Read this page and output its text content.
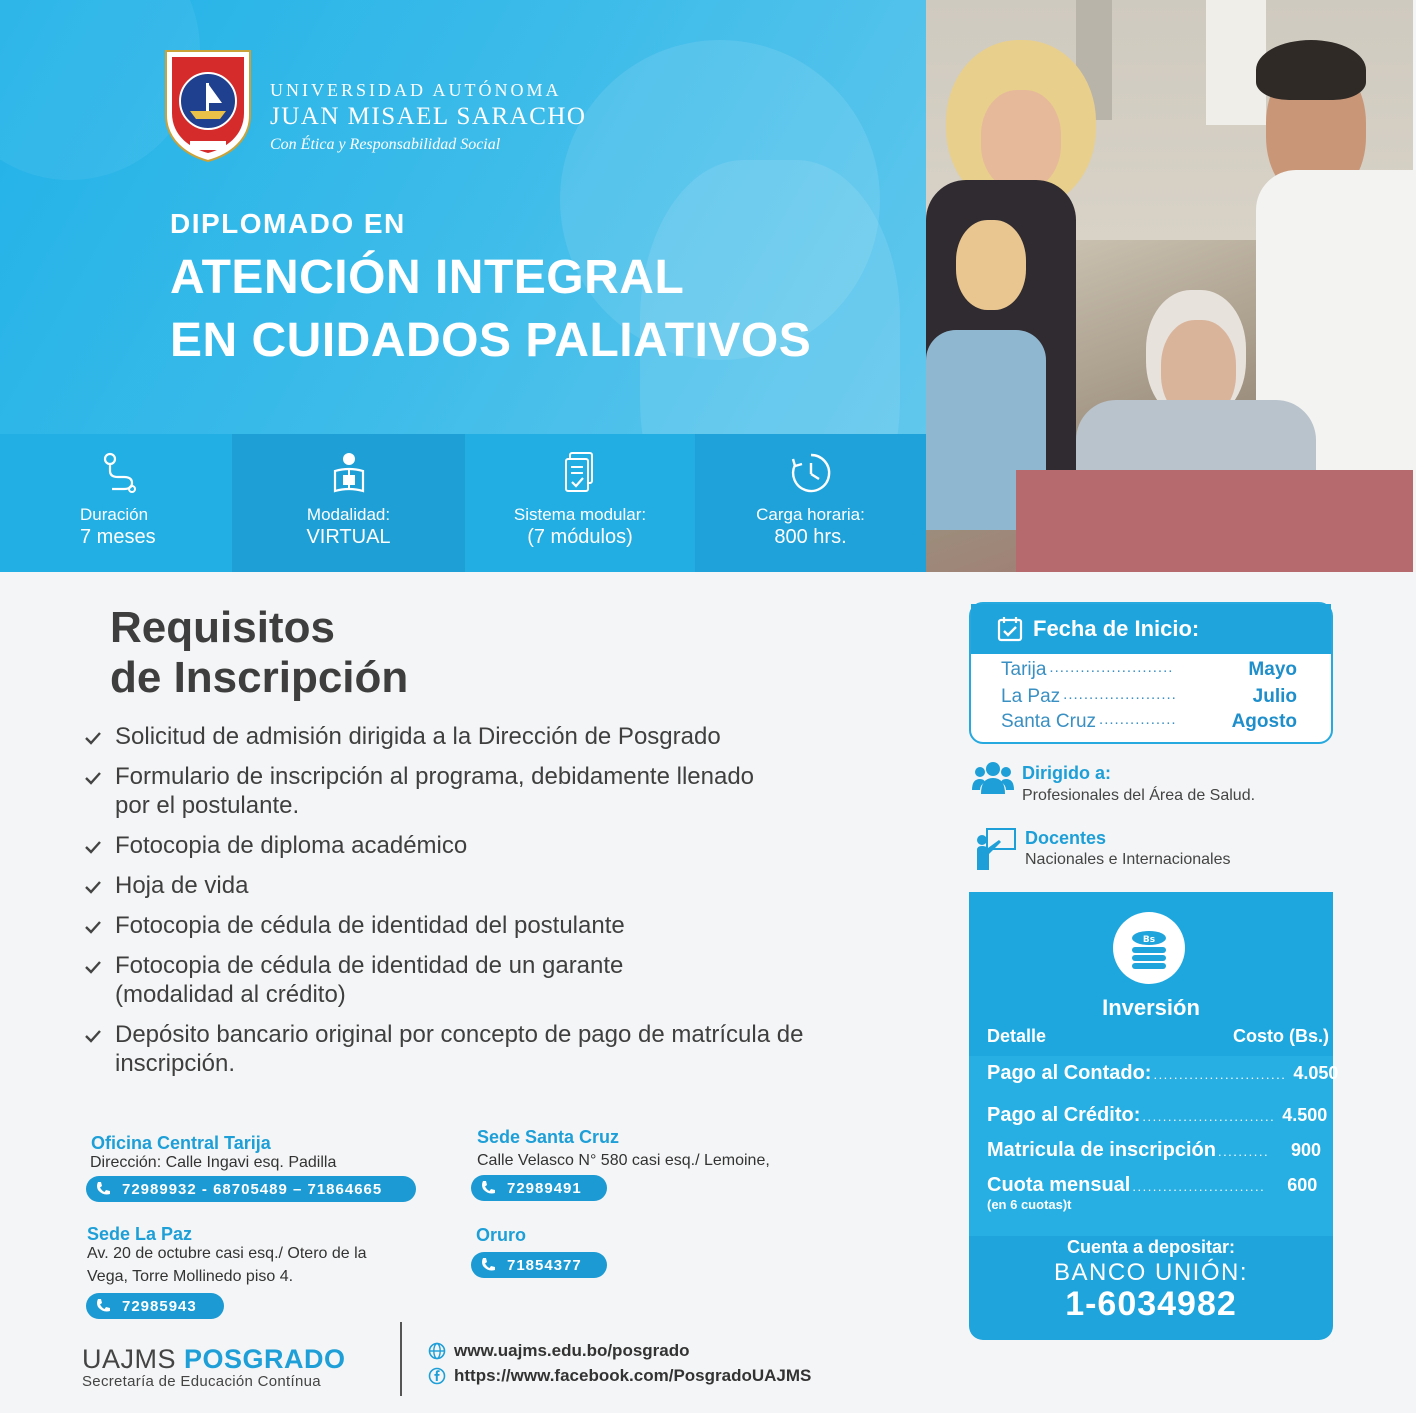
UNIVERSIDAD AUTÓNOMA
JUAN MISAEL SARACHO
Con Ética y Responsabilidad Social
DIPLOMADO EN
ATENCIÓN INTEGRAL
EN CUIDADOS PALIATIVOS
Duración
7 meses
Modalidad:
VIRTUAL
Sistema modular:
(7 módulos)
Carga horaria:
800 hrs.
Requisitos
de Inscripción
Solicitud de admisión dirigida a la Dirección de Posgrado
Formulario de inscripción al programa, debidamente llenado por el postulante.
Fotocopia de diploma académico
Hoja de vida
Fotocopia de cédula de identidad del postulante
Fotocopia de cédula de identidad de un garante (modalidad al crédito)
Depósito bancario original por concepto de pago de matrícula de inscripción.
Oficina Central Tarija
Dirección: Calle Ingavi esq. Padilla
72989932 - 68705489 – 71864665
Sede Santa Cruz
Calle Velasco N° 580 casi esq./ Lemoine,
72989491
Sede La Paz
Av. 20 de octubre casi esq./ Otero de la
Vega, Torre Mollinedo piso 4.
72985943
Oruro
71854377
UAJMS POSGRADO
Secretaría de Educación Contínua
www.uajms.edu.bo/posgrado
https://www.facebook.com/PosgradoUAJMS
Fecha de Inicio:
Tarija ........................	Mayo
La Paz ......................	Julio
Santa Cruz ...............	Agosto
Dirigido a:
Profesionales del Área de Salud.
Docentes
Nacionales e Internacionales
Bs
Inversión
Detalle	Costo (Bs.)
Pago al Contado: .......................... 4.050
Pago al Crédito: .......................... 4.500
Matricula de inscripción ..........	900
Cuota mensual ..........................	600
(en 6 cuotas)t
Cuenta a depositar:
BANCO UNIÓN:
1-6034982
